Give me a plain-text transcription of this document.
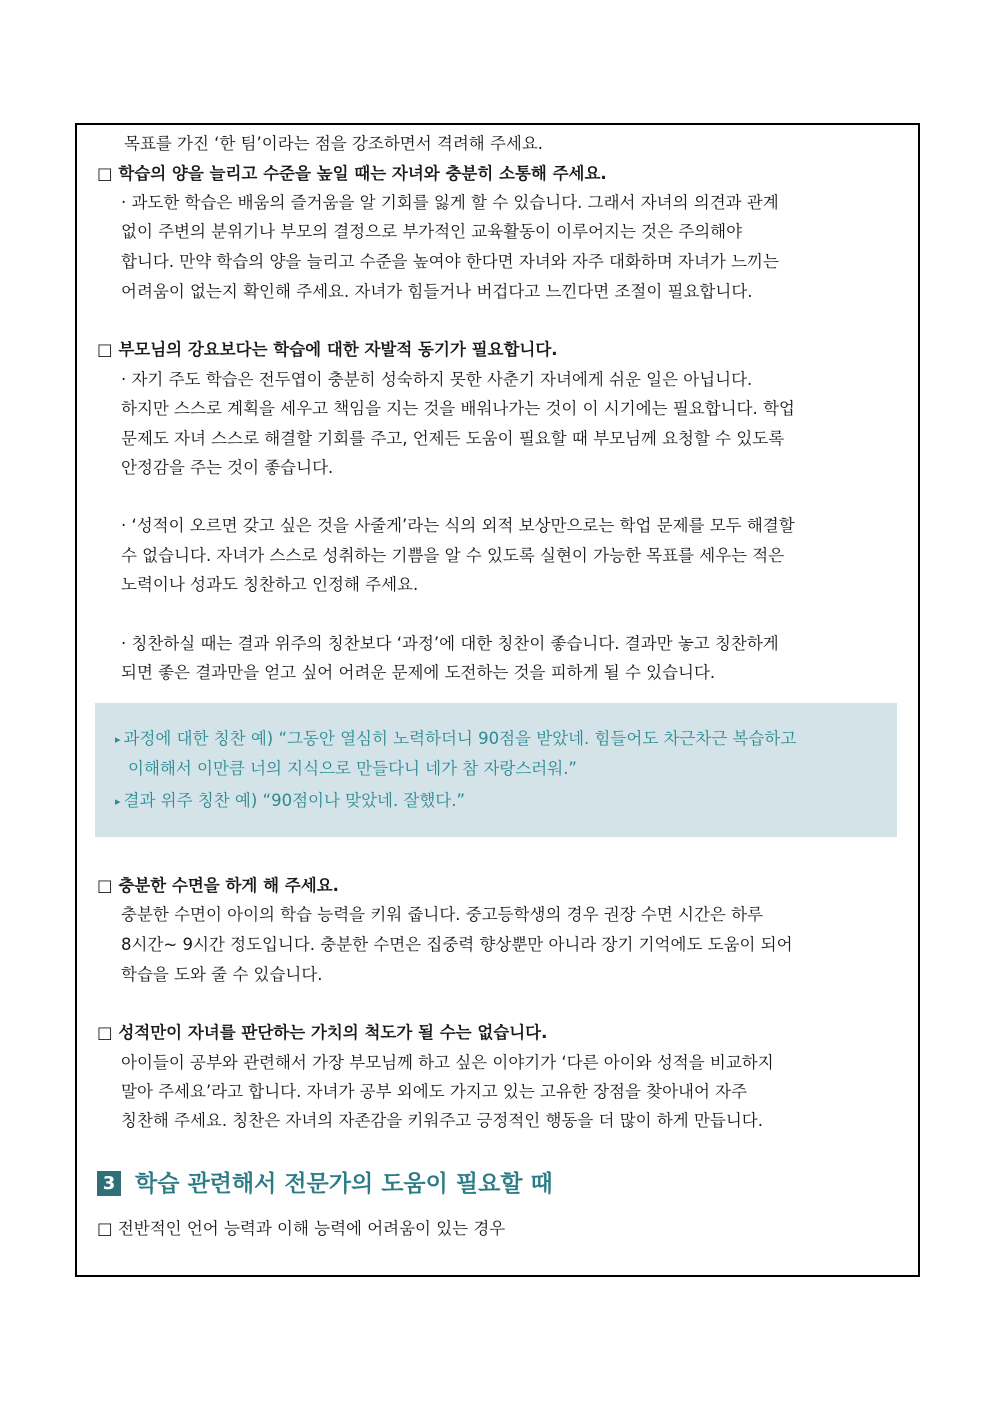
목표를 가진 ‘한 팀’이라는 점을 강조하면서 격려해 주세요.
□ 학습의 양을 늘리고 수준을 높일 때는 자녀와 충분히 소통해 주세요.
· 과도한 학습은 배움의 즐거움을 알 기회를 잃게 할 수 있습니다. 그래서 자녀의 의견과 관계
없이 주변의 분위기나 부모의 결정으로 부가적인 교육활동이 이루어지는 것은 주의해야
합니다. 만약 학습의 양을 늘리고 수준을 높여야 한다면 자녀와 자주 대화하며 자녀가 느끼는
어려움이 없는지 확인해 주세요. 자녀가 힘들거나 버겁다고 느낀다면 조절이 필요합니다.
□ 부모님의 강요보다는 학습에 대한 자발적 동기가 필요합니다.
· 자기 주도 학습은 전두엽이 충분히 성숙하지 못한 사춘기 자녀에게 쉬운 일은 아닙니다.
하지만 스스로 계획을 세우고 책임을 지는 것을 배워나가는 것이 이 시기에는 필요합니다. 학업
문제도 자녀 스스로 해결할 기회를 주고, 언제든 도움이 필요할 때 부모님께 요청할 수 있도록
안정감을 주는 것이 좋습니다.
· ‘성적이 오르면 갖고 싶은 것을 사줄게’라는 식의 외적 보상만으로는 학업 문제를 모두 해결할
수 없습니다. 자녀가 스스로 성취하는 기쁨을 알 수 있도록 실현이 가능한 목표를 세우는 적은
노력이나 성과도 칭찬하고 인정해 주세요.
· 칭찬하실 때는 결과 위주의 칭찬보다 ‘과정’에 대한 칭찬이 좋습니다. 결과만 놓고 칭찬하게
되면 좋은 결과만을 얻고 싶어 어려운 문제에 도전하는 것을 피하게 될 수 있습니다.
▸ 과정에 대한 칭찬 예) “그동안 열심히 노력하더니 90점을 받았네. 힘들어도 차근차근 복습하고
이해해서 이만큼 너의 지식으로 만들다니 네가 참 자랑스러워.”
▸ 결과 위주 칭찬 예) “90점이나 맞았네. 잘했다.”
□ 충분한 수면을 하게 해 주세요.
충분한 수면이 아이의 학습 능력을 키워 줍니다. 중고등학생의 경우 권장 수면 시간은 하루
8시간~ 9시간 정도입니다. 충분한 수면은 집중력 향상뿐만 아니라 장기 기억에도 도움이 되어
학습을 도와 줄 수 있습니다.
□ 성적만이 자녀를 판단하는 가치의 척도가 될 수는 없습니다.
아이들이 공부와 관련해서 가장 부모님께 하고 싶은 이야기가 ‘다른 아이와 성적을 비교하지
말아 주세요’라고 합니다. 자녀가 공부 외에도 가지고 있는 고유한 장점을 찾아내어 자주
칭찬해 주세요. 칭찬은 자녀의 자존감을 키워주고 긍정적인 행동을 더 많이 하게 만듭니다.
3 학습 관련해서 전문가의 도움이 필요할 때
□ 전반적인 언어 능력과 이해 능력에 어려움이 있는 경우
